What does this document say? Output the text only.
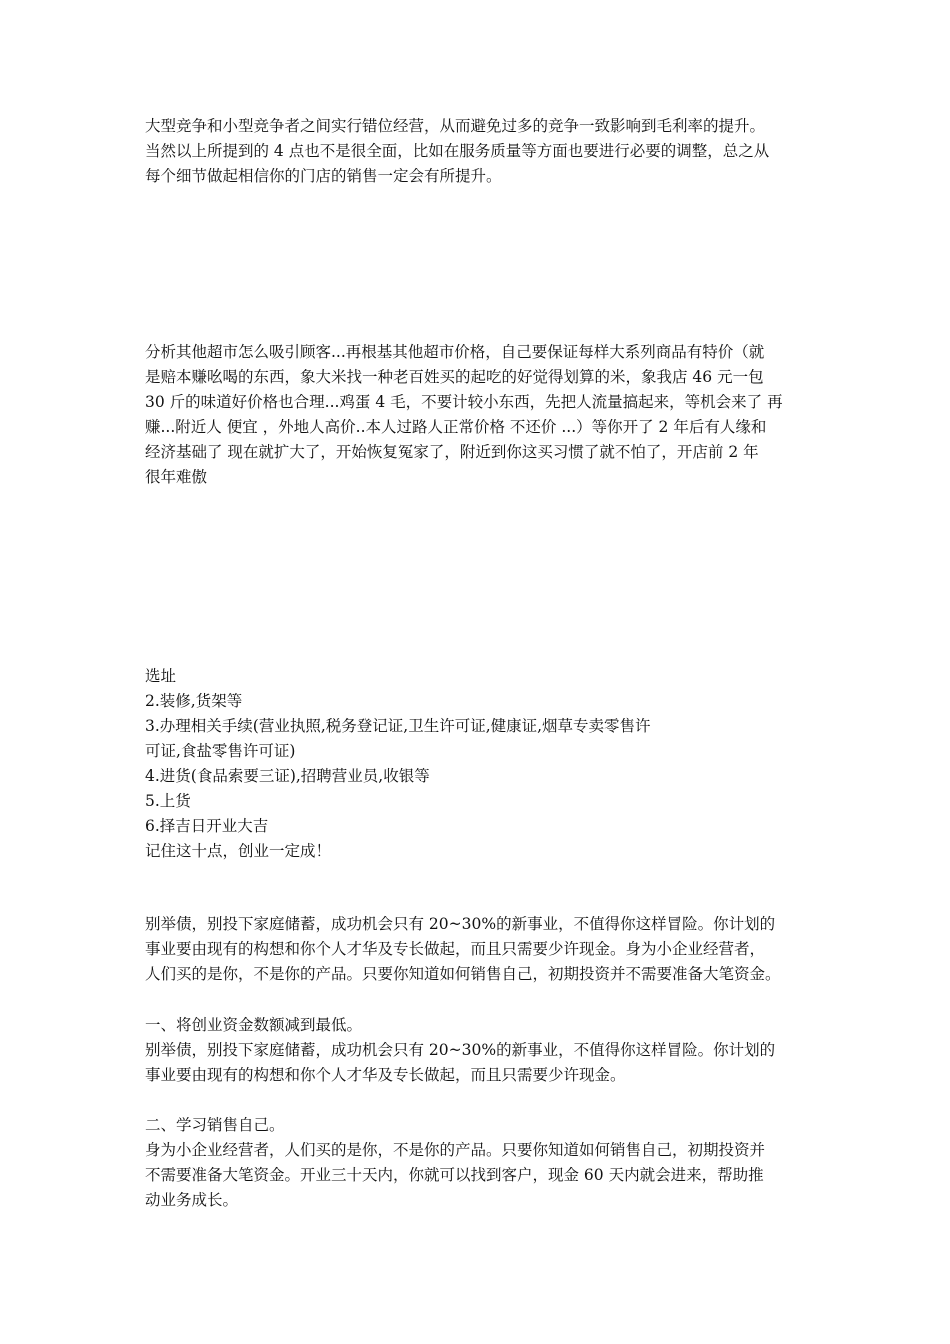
大型竞争和小型竞争者之间实行错位经营，从而避免过多的竞争一致影响到毛利率的提升。

当然以上所提到的 4 点也不是很全面，比如在服务质量等方面也要进行必要的调整，总之从

每个细节做起相信你的门店的销售一定会有所提升。

分析其他超市怎么吸引顾客...再根基其他超市价格，自己要保证每样大系列商品有特价（就

是赔本赚吆喝的东西，象大米找一种老百姓买的起吃的好觉得划算的米，象我店 46 元一包

30 斤的味道好价格也合理...鸡蛋 4 毛，不要计较小东西，先把人流量搞起来，等机会来了 再

赚...附近人 便宜 ，外地人高价..本人过路人正常价格 不还价 ...）等你开了 2 年后有人缘和

经济基础了 现在就扩大了，开始恢复冤家了，附近到你这买习惯了就不怕了，开店前 2 年

很年难傲

选址

2.装修,货架等

3.办理相关手续(营业执照,税务登记证,卫生许可证,健康证,烟草专卖零售许

可证,食盐零售许可证)

4.进货(食品索要三证),招聘营业员,收银等

5.上货

6.择吉日开业大吉

记住这十点，创业一定成！

别举债，别投下家庭储蓄，成功机会只有 20~30%的新事业，不值得你这样冒险。你计划的

事业要由现有的构想和你个人才华及专长做起，而且只需要少许现金。身为小企业经营者，

人们买的是你，不是你的产品。只要你知道如何销售自己，初期投资并不需要准备大笔资金。

一、将创业资金数额减到最低。

别举债，别投下家庭储蓄，成功机会只有 20~30%的新事业，不值得你这样冒险。你计划的

事业要由现有的构想和你个人才华及专长做起，而且只需要少许现金。

二、学习销售自己。

身为小企业经营者，人们买的是你，不是你的产品。只要你知道如何销售自己，初期投资并

不需要准备大笔资金。开业三十天内，你就可以找到客户，现金 60 天内就会进来，帮助推

动业务成长。
